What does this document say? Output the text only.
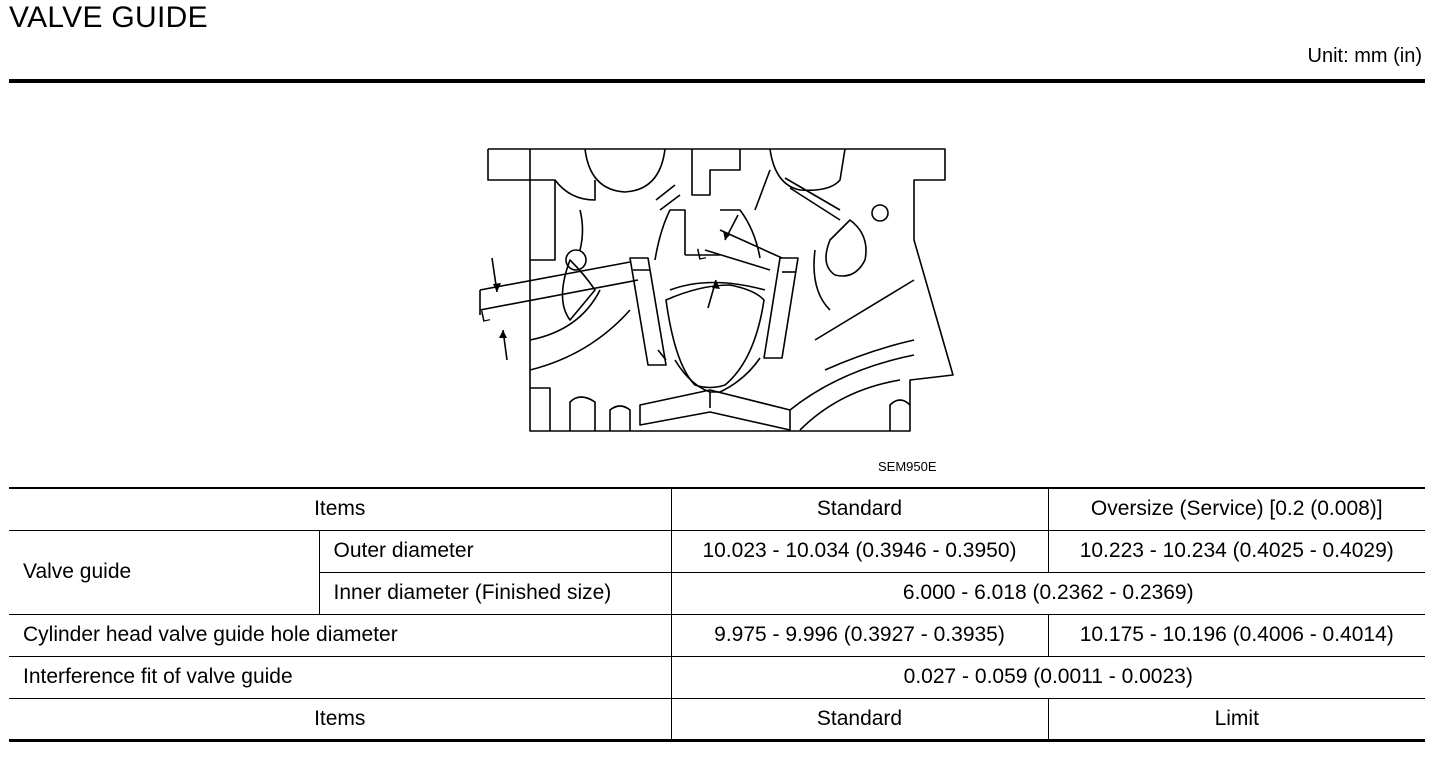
VALVE GUIDE
Unit: mm (in)
L
L
SEM950E
Items		Standard	Oversize (Service) [0.2 (0.008)]
Valve guide	Outer diameter	10.023 - 10.034 (0.3946 - 0.3950)	10.223 - 10.234 (0.4025 - 0.4029)
	Inner diameter (Finished size)	6.000 - 6.018 (0.2362 - 0.2369)	
Cylinder head valve guide hole diameter		9.975 - 9.996 (0.3927 - 0.3935)	10.175 - 10.196 (0.4006 - 0.4014)
Interference fit of valve guide		0.027 - 0.059 (0.0011 - 0.0023)	
Items		Standard	Limit
